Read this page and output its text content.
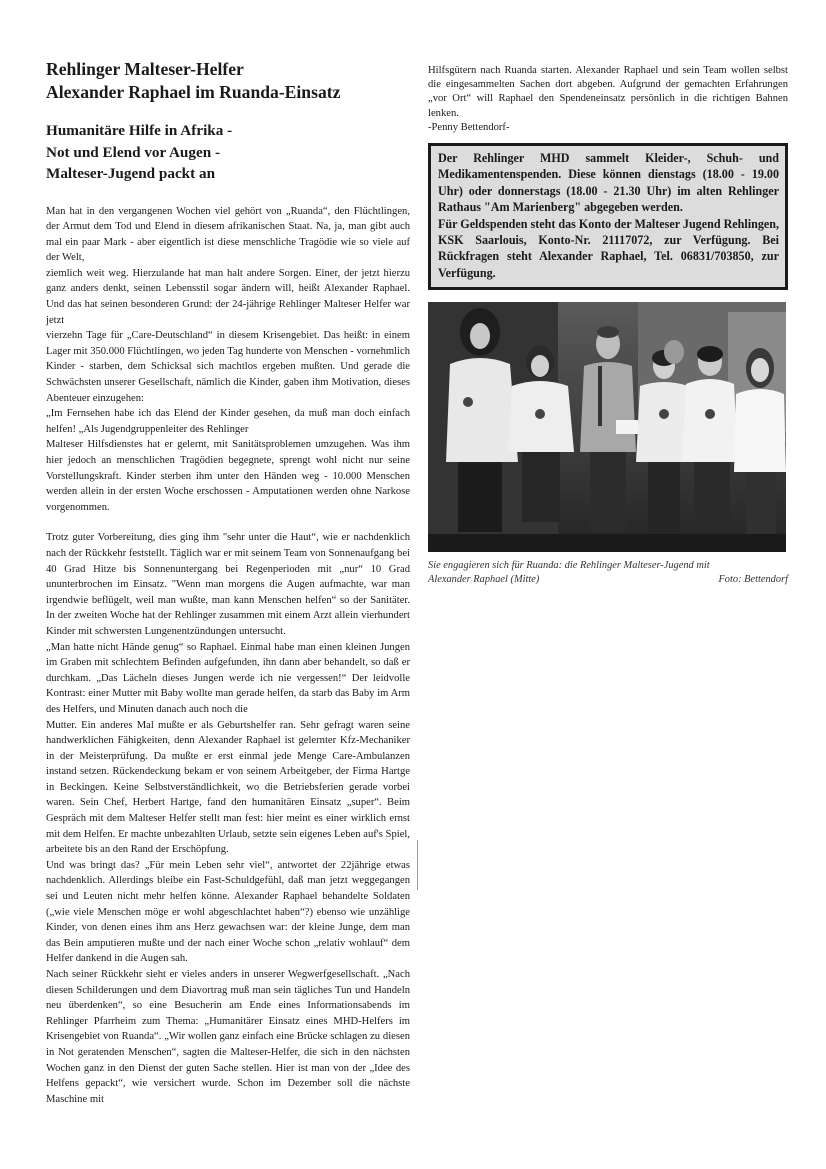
Rehlinger Malteser-Helfer
Alexander Raphael im Ruanda-Einsatz
Humanitäre Hilfe in Afrika -
Not und Elend vor Augen -
Malteser-Jugend packt an

Man hat in den vergangenen Wochen viel gehört von „Ruanda“, den Flüchtlingen, der Armut dem Tod und Elend in diesem afrikanischen Staat. Na, ja, man gibt auch mal ein paar Mark - aber eigentlich ist diese menschliche Tragödie wie so viele auf der Welt,

ziemlich weit weg. Hierzulande hat man halt andere Sorgen. Einer, der jetzt hierzu ganz anders denkt, seinen Lebensstil sogar ändern will, heißt Alexander Raphael. Und das hat seinen besonderen Grund: der 24-jährige Rehlinger Malteser Helfer war jetzt

vierzehn Tage für „Care-Deutschland“ in diesem Krisengebiet. Das heißt: in einem Lager mit 350.000 Flüchtlingen, wo jeden Tag hunderte von Menschen - vornehmlich Kinder - starben, dem Schicksal sich machtlos ergeben mußten. Und gerade die Schwächsten unserer Gesellschaft, nämlich die Kinder, gaben ihm Motivation, dieses Abenteuer einzugehen:

„Im Fernsehen habe ich das Elend der Kinder gesehen, da muß man doch einfach helfen! „Als Jugendgruppenleiter des Rehlinger

Malteser Hilfsdienstes hat er gelernt, mit Sanitätsproblemen umzugehen. Was ihm hier jedoch an menschlichen Tragödien begegnete, sprengt wohl nicht nur seine Vorstellungskraft. Kinder sterben ihm unter den Händen weg - 10.000 Menschen werden allein in der ersten Woche erschossen - Amputationen werden ohne Narkose vorgenommen.

Trotz guter Vorbereitung, dies ging ihm "sehr unter die Haut“, wie er nachdenklich nach der Rückkehr feststellt. Täglich war er mit seinem Team von Sonnenaufgang bei 40 Grad Hitze bis Sonnenuntergang bei Regenperioden mit „nur“ 10 Grad ununterbrochen im Einsatz. "Wenn man morgens die Augen aufmachte, war man irgendwie beflügelt, weil man wußte, man kann Menschen helfen“ so der Sanitäter. In der zweiten Woche hat der Rehlinger zusammen mit einem Arzt allein vierhundert Kinder mit schwersten Lungenentzündungen untersucht.

„Man hatte nicht Hände genug“ so Raphael. Einmal habe man einen kleinen Jungen im Graben mit schlechtem Befinden aufgefunden, ihn dann aber behandelt, so daß er durchkam. „Das Lächeln dieses Jungen werde ich nie vergessen!“ Der leidvolle Kontrast: einer Mutter mit Baby wollte man gerade helfen, da starb das Baby im Arm des Helfers, und Minuten danach auch noch die

Mutter. Ein anderes Mal mußte er als Geburtshelfer ran. Sehr gefragt waren seine handwerklichen Fähigkeiten, denn Alexander Raphael ist gelernter Kfz-Mechaniker in der Meisterprüfung. Da mußte er erst einmal jede Menge Care-Ambulanzen instand setzen. Rückendeckung bekam er von seinem Arbeitgeber, der Firma Hartge in Beckingen. Keine Selbstverständlichkeit, wo die Betriebsferien gerade vorbei waren. Sein Chef, Herbert Hartge, fand den humanitären Einsatz „super“. Beim Gespräch mit dem Malteser Helfer stellt man fest: hier meint es einer wirklich ernst mit dem Helfen. Er machte unbezahlten Urlaub, setzte sein eigenes Leben auf's Spiel, arbeitete bis an den Rand der Erschöpfung.

Und was bringt das? „Für mein Leben sehr viel“, antwortet der 22jährige etwas nachdenklich. Allerdings bleibe ein Fast-Schuldgefühl, daß man jetzt weggegangen sei und Leuten nicht mehr helfen könne. Alexander Raphael behandelte Soldaten („wie viele Menschen möge er wohl abgeschlachtet haben“?) ebenso wie unzählige Kinder, von denen eines ihm ans Herz gewachsen war: der kleine Junge, dem man das Bein amputieren mußte und der nach einer Woche schon „relativ wohlauf“ dem Helfer dankend in die Augen sah.

Nach seiner Rückkehr sieht er vieles anders in unserer Wegwerfgesellschaft. „Nach diesen Schilderungen und dem Diavortrag muß man sein tägliches Tun und Handeln neu überdenken“, so eine Besucherin am Ende eines Informationsabends im Rehlinger Pfarrheim zum Thema: „Humanitärer Einsatz eines MHD-Helfers im Krisengebiet von Ruanda“. „Wir wollen ganz einfach eine Brücke schlagen zu diesen in Not geratenden Menschen“, sagten die Malteser-Helfer, die sich in den nächsten Wochen ganz in den Dienst der guten Sache stellen. Hier ist man von der „Idee des Helfens gepackt“, wie versichert wurde. Schon im Dezember soll die nächste Maschine mit

Hilfsgütern nach Ruanda starten. Alexander Raphael und sein Team wollen selbst die eingesammelten Sachen dort abgeben. Aufgrund der gemachten Erfahrungen „vor Ort“ will Raphael den Spendeneinsatz persönlich in die richtigen Bahnen lenken.

-Penny Bettendorf-

Der Rehlinger MHD sammelt Kleider-, Schuh- und Medikamentenspenden. Diese können dienstags (18.00 - 19.00 Uhr) oder donnerstags (18.00 - 21.30 Uhr) im alten Rehlinger Rathaus "Am Marienberg" abgegeben werden.

Für Geldspenden steht das Konto der Malteser Jugend Rehlingen, KSK Saarlouis, Konto-Nr. 21117072, zur Verfügung. Bei Rückfragen steht Alexander Raphael, Tel. 06831/703850, zur Verfügung.

Sie engagieren sich für Ruanda: die Rehlinger Malteser-Jugend mit
Alexander Raphael (Mitte)	Foto: Bettendorf
